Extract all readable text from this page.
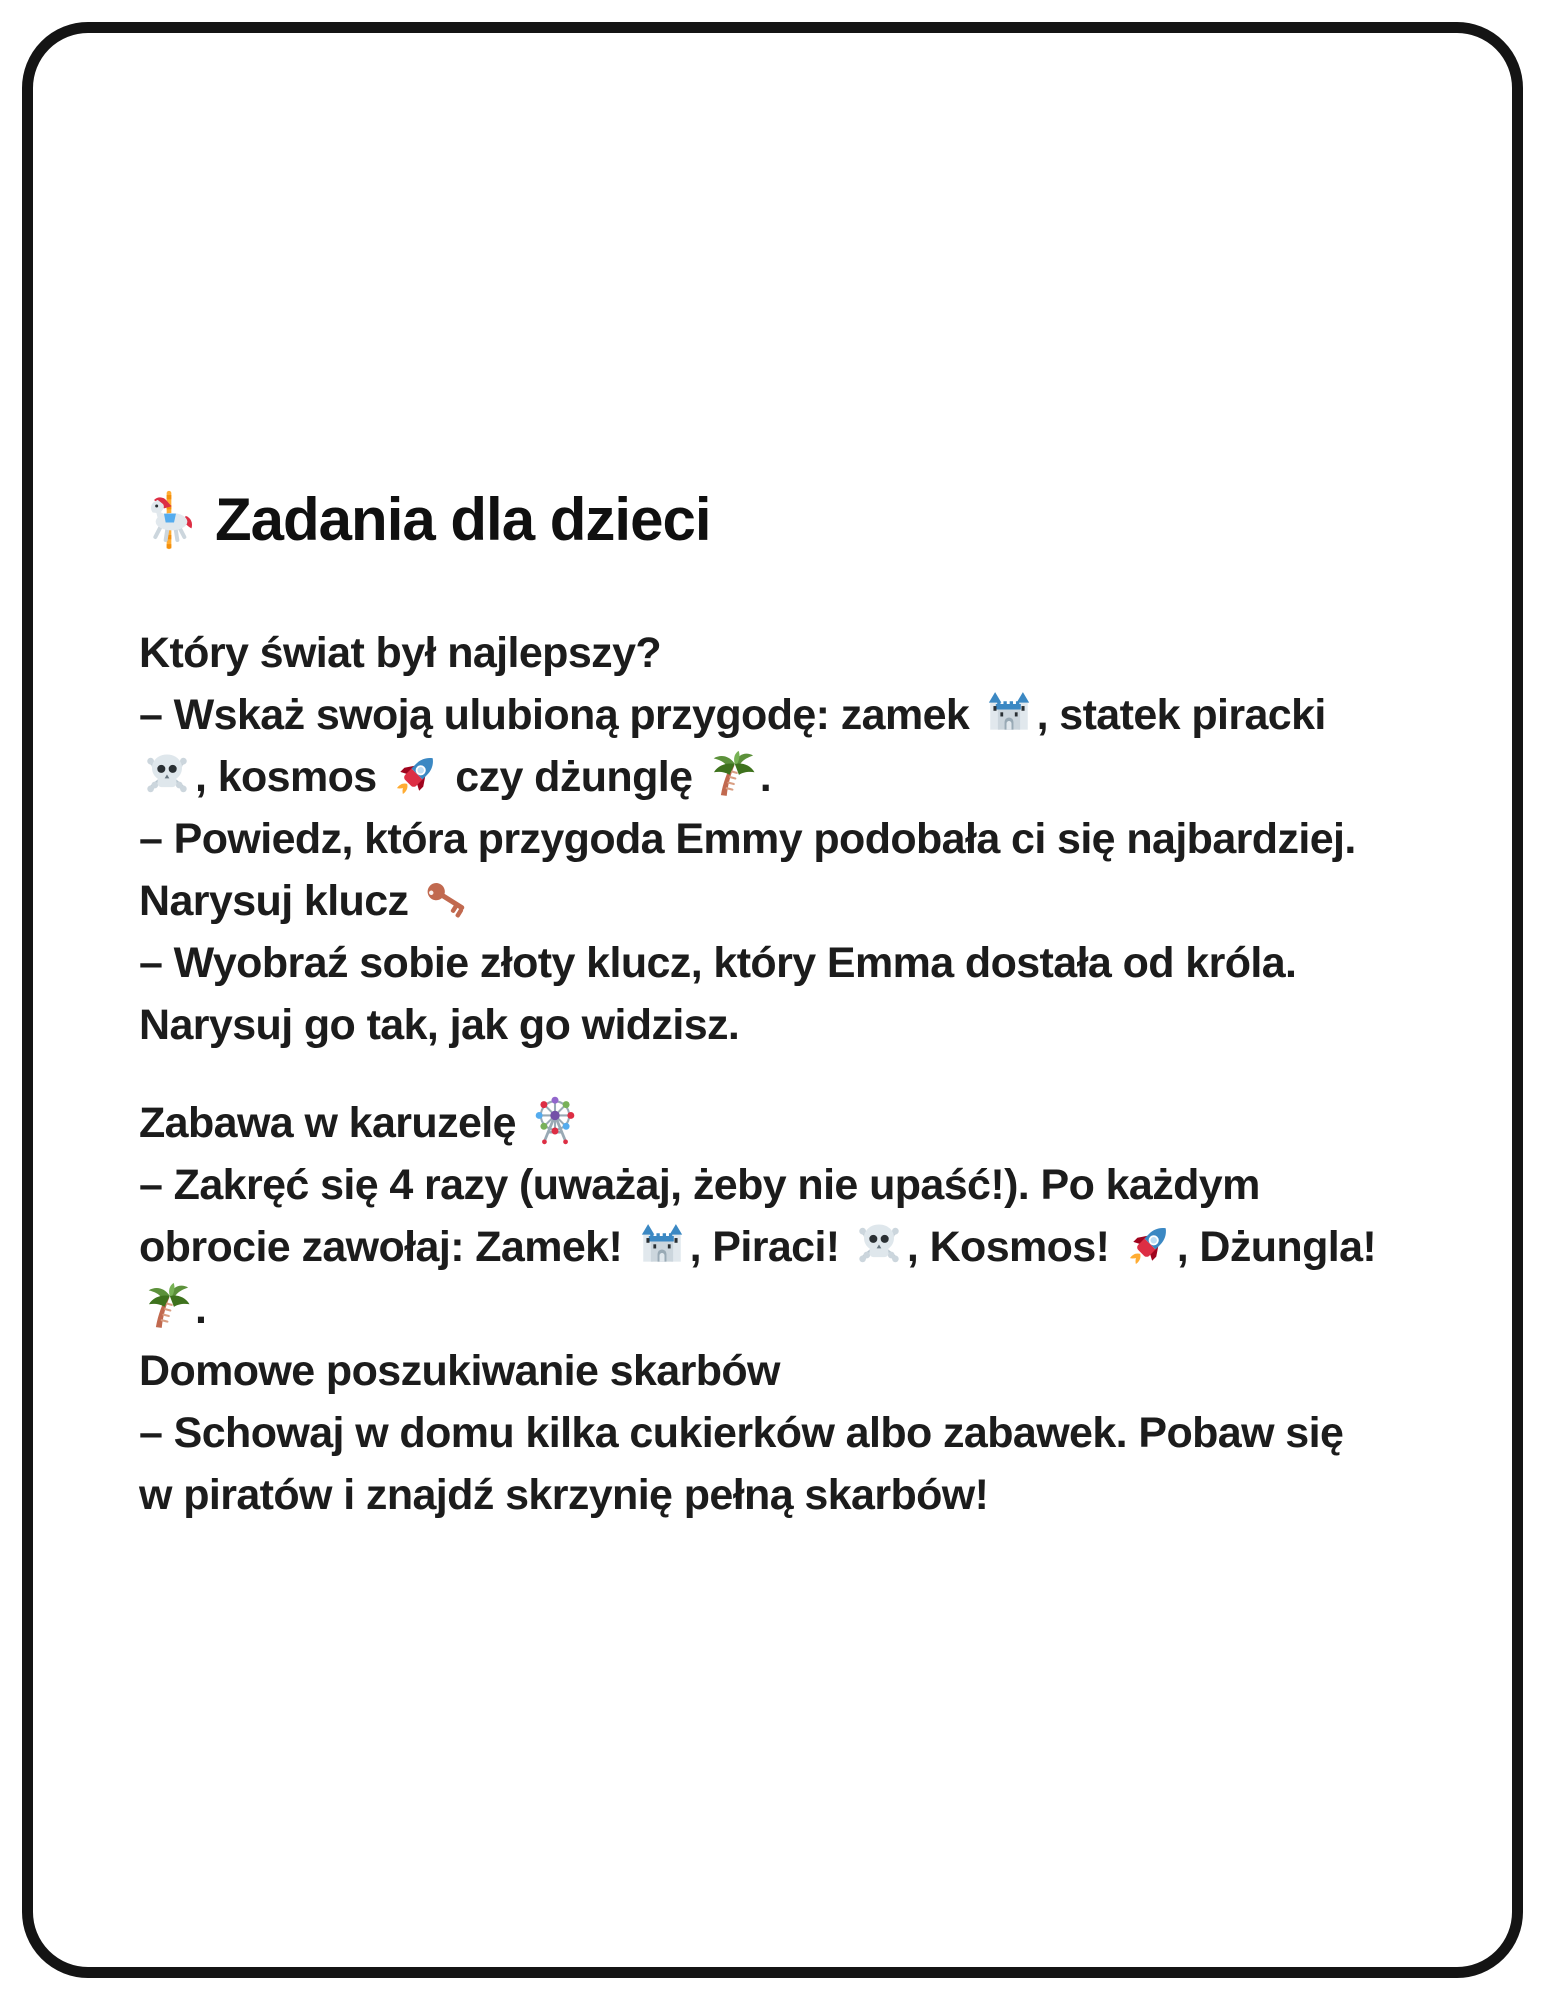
Zadania dla dzieci
Który świat był najlepszy?
– Wskaż swoją ulubioną przygodę: zamek , statek piracki
, kosmos  czy dżunglę .
– Powiedz, która przygoda Emmy podobała ci się najbardziej.
Narysuj klucz
– Wyobraź sobie złoty klucz, który Emma dostała od króla.
Narysuj go tak, jak go widzisz.
Zabawa w karuzelę
– Zakręć się 4 razy (uważaj, żeby nie upaść!). Po każdym
obrocie zawołaj: Zamek! , Piraci! , Kosmos! , Dżungla!
.
Domowe poszukiwanie skarbów
– Schowaj w domu kilka cukierków albo zabawek. Pobaw się
w piratów i znajdź skrzynię pełną skarbów!
